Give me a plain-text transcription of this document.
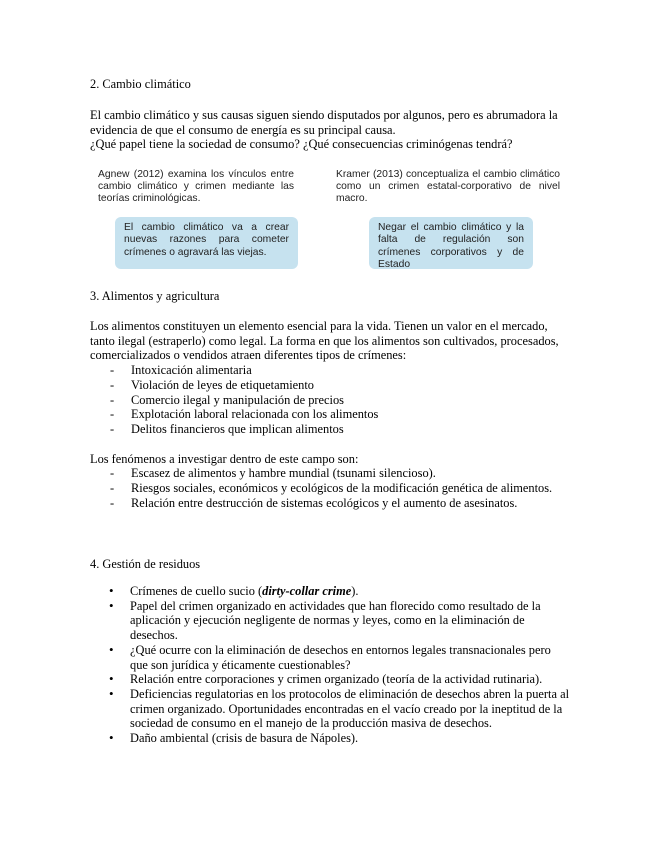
2. Cambio climático
El cambio climático y sus causas siguen siendo disputados por algunos, pero es abrumadora la evidencia de que el consumo de energía es su principal causa.
¿Qué papel tiene la sociedad de consumo? ¿Qué consecuencias criminógenas tendrá?
Agnew (2012) examina los vínculos entre cambio climático y crimen mediante las teorías criminológicas.
El cambio climático va a crear nuevas razones para cometer crímenes o agravará las viejas.
Kramer (2013) conceptualiza el cambio climático como un crimen estatal-corporativo de nivel macro.
Negar el cambio climático y la falta de regulación son crímenes corporativos y de Estado
3. Alimentos y agricultura
Los alimentos constituyen un elemento esencial para la vida. Tienen un valor en el mercado, tanto ilegal (estraperlo) como legal. La forma en que los alimentos son cultivados, procesados, comercializados o vendidos atraen diferentes tipos de crímenes:
- Intoxicación alimentaria
- Violación de leyes de etiquetamiento
- Comercio ilegal y manipulación de precios
- Explotación laboral relacionada con los alimentos
- Delitos financieros que implican alimentos
Los fenómenos a investigar dentro de este campo son:
- Escasez de alimentos y hambre mundial (tsunami silencioso).
- Riesgos sociales, económicos y ecológicos de la modificación genética de alimentos.
- Relación entre destrucción de sistemas ecológicos y el aumento de asesinatos.
4. Gestión de residuos
• Crímenes de cuello sucio (dirty-collar crime).
• Papel del crimen organizado en actividades que han florecido como resultado de la aplicación y ejecución negligente de normas y leyes, como en la eliminación de desechos.
• ¿Qué ocurre con la eliminación de desechos en entornos legales transnacionales pero que son jurídica y éticamente cuestionables?
• Relación entre corporaciones y crimen organizado (teoría de la actividad rutinaria).
• Deficiencias regulatorias en los protocolos de eliminación de desechos abren la puerta al crimen organizado. Oportunidades encontradas en el vacío creado por la ineptitud de la sociedad de consumo en el manejo de la producción masiva de desechos.
• Daño ambiental (crisis de basura de Nápoles).
